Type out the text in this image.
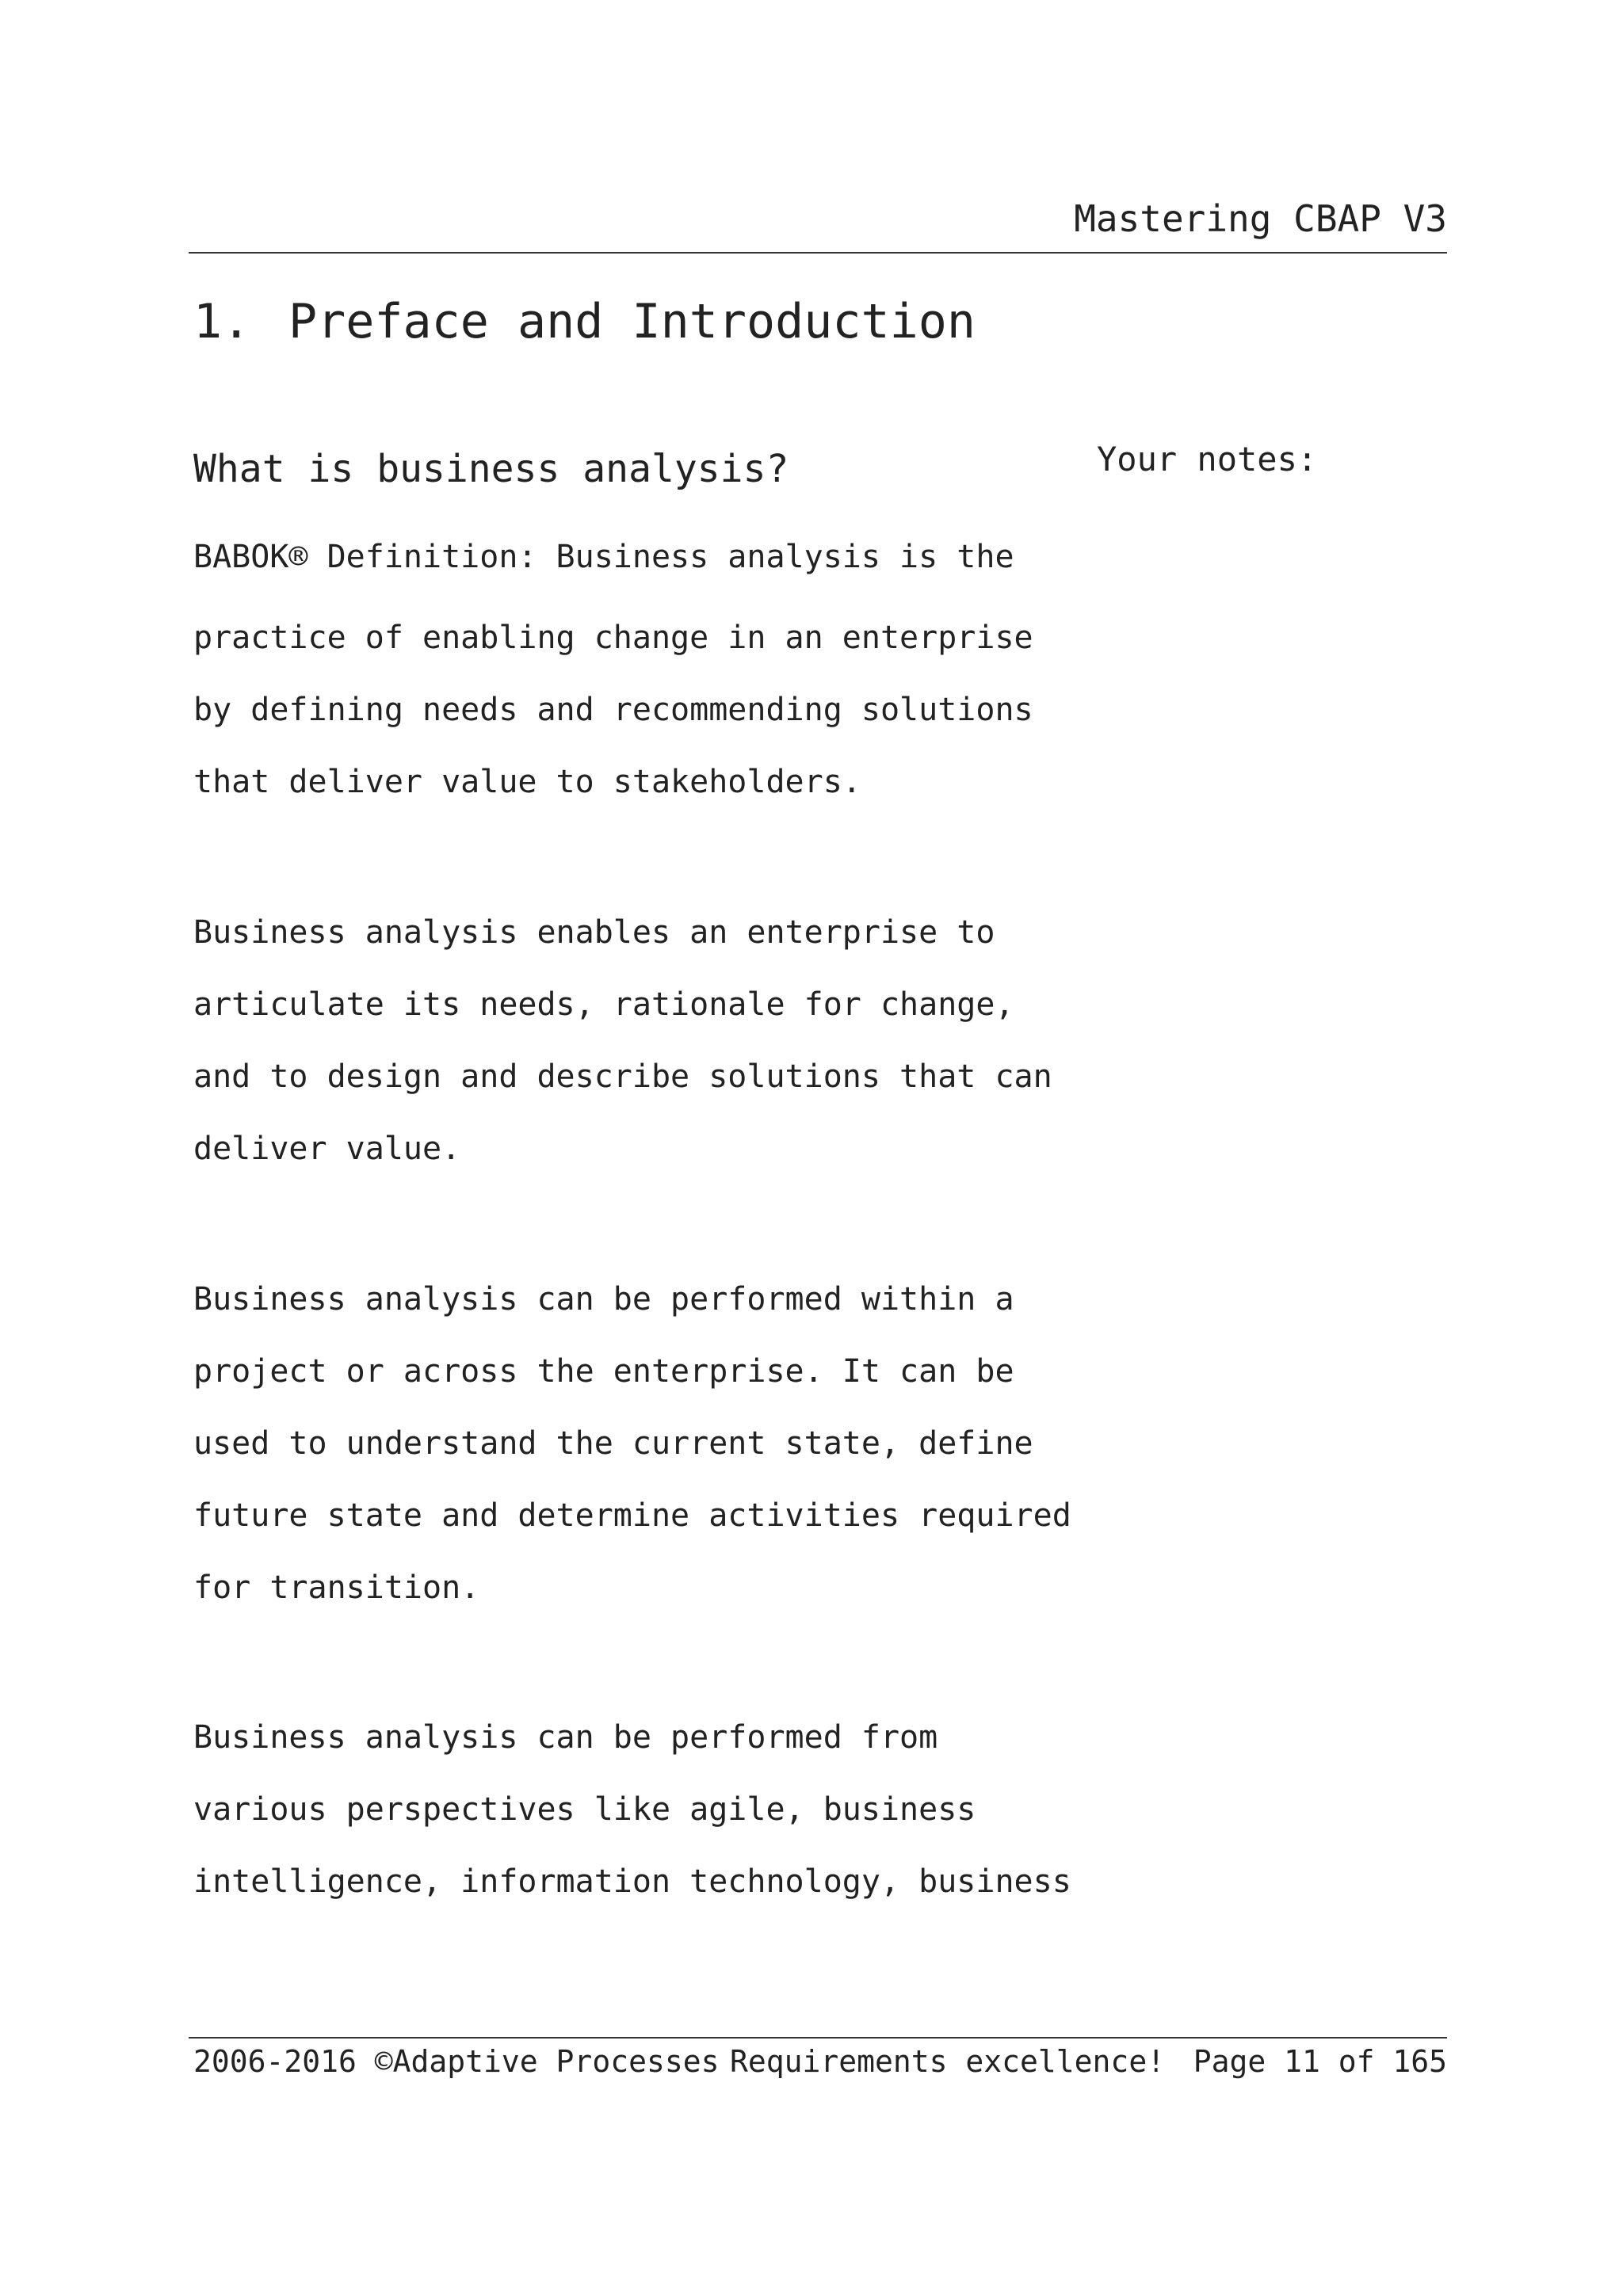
Mastering CBAP V3
1. Preface and Introduction
Your notes:
What is business analysis?
BABOK® Definition: Business analysis is the
practice of enabling change in an enterprise
by defining needs and recommending solutions
that deliver value to stakeholders.
Business analysis enables an enterprise to
articulate its needs, rationale for change,
and to design and describe solutions that can
deliver value.
Business analysis can be performed within a
project or across the enterprise. It can be
used to understand the current state, define
future state and determine activities required
for transition.
Business analysis can be performed from
various perspectives like agile, business
intelligence, information technology, business
2006-2016 ©Adaptive Processes Requirements excellence! Page 11 of 165
